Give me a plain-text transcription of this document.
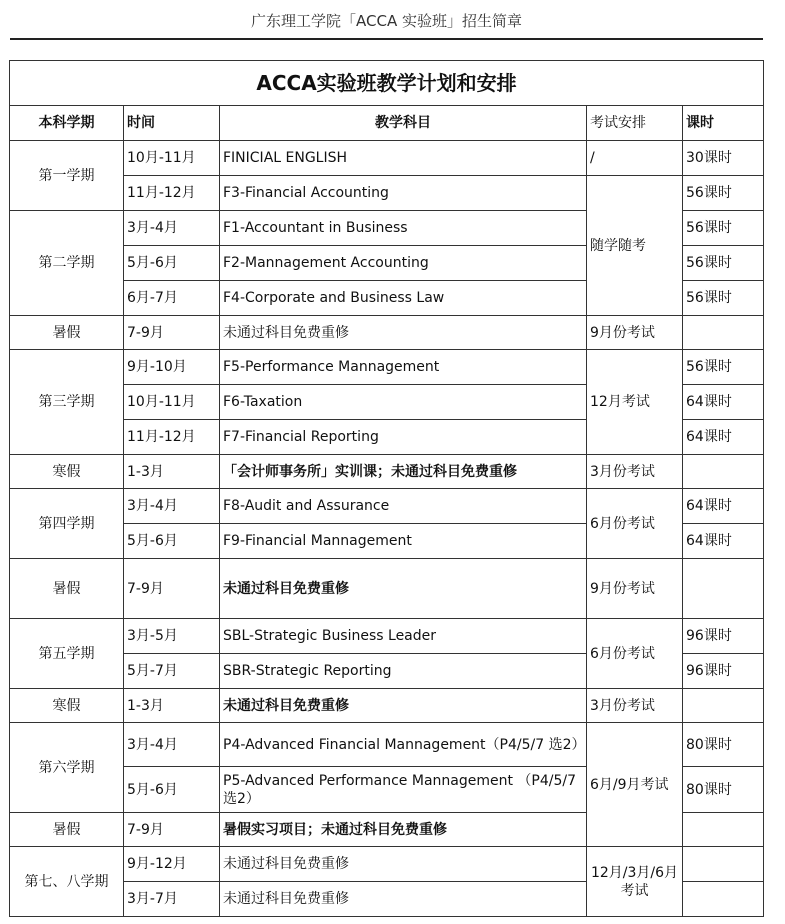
广东理工学院「ACCA 实验班」招生简章
ACCA实验班教学计划和安排				
本科学期	时间	教学科目	考试安排	课时
第一学期	10月-11月	FINICIAL ENGLISH	/	30课时
	11月-12月	F3-Financial Accounting	随学随考	56课时
第二学期	3月-4月	F1-Accountant in Business		56课时
	5月-6月	F2-Mannagement Accounting		56课时
	6月-7月	F4-Corporate and Business Law		56课时
暑假	7-9月	未通过科目免费重修	9月份考试	
第三学期	9月-10月	F5-Performance Mannagement	12月考试	56课时
	10月-11月	F6-Taxation		64课时
	11月-12月	F7-Financial Reporting		64课时
寒假	1-3月	「会计师事务所」实训课；未通过科目免费重修	3月份考试	
第四学期	3月-4月	F8-Audit and Assurance	6月份考试	64课时
	5月-6月	F9-Financial Mannagement		64课时
暑假	7-9月	未通过科目免费重修	9月份考试	
第五学期	3月-5月	SBL-Strategic Business Leader	6月份考试	96课时
	5月-7月	SBR-Strategic Reporting		96课时
寒假	1-3月	未通过科目免费重修	3月份考试	
第六学期	3月-4月	P4-Advanced Financial Mannagement（P4/5/7 选2）	6月/9月考试	80课时
	5月-6月	P5-Advanced Performance Mannagement （P4/5/7 选2）		80课时
暑假	7-9月	暑假实习项目；未通过科目免费重修		
第七、八学期	9月-12月	未通过科目免费重修	12月/3月/6月考试	
	3月-7月	未通过科目免费重修		
